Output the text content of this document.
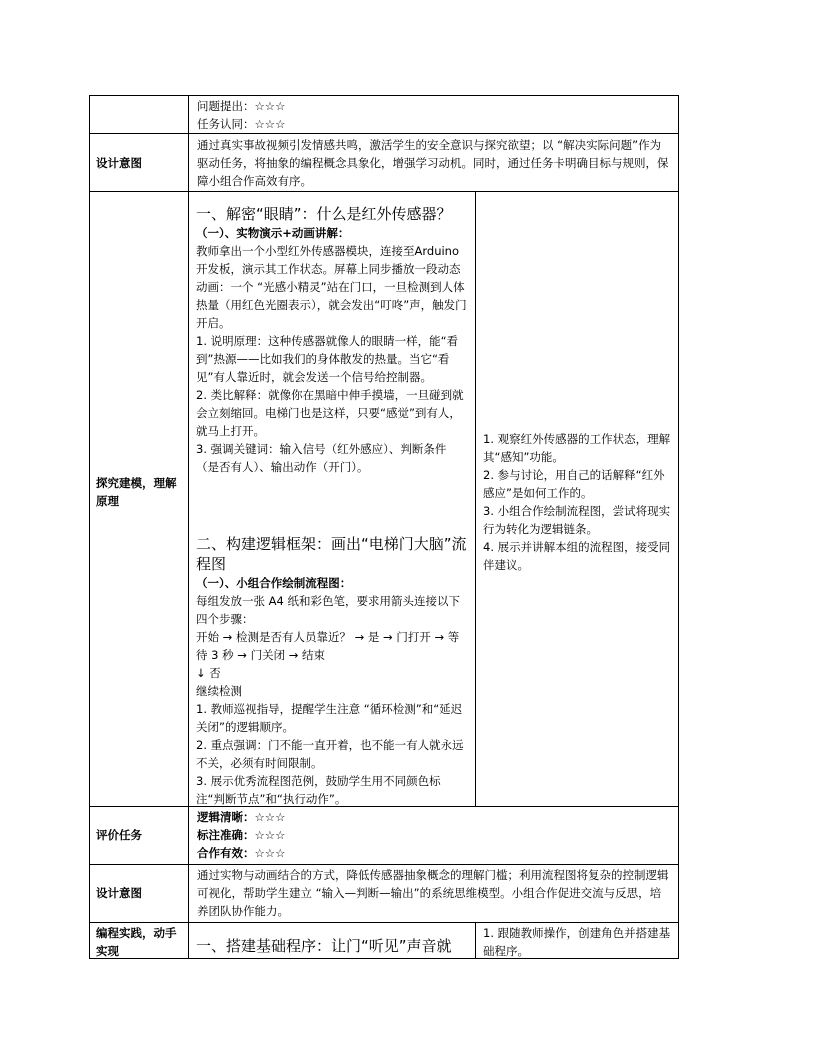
问题提出：☆☆☆
任务认同：☆☆☆
设计意图
通过真实事故视频引发情感共鸣，激活学生的安全意识与探究欲望；以 “解决实际问题”作为驱动任务，将抽象的编程概念具象化，增强学习动机。同时，通过任务卡明确目标与规则，保障小组合作高效有序。
探究建模，理解原理
一、解密“眼睛”：什么是红外传感器？
（一）、实物演示+动画讲解：
教师拿出一个小型红外传感器模块，连接至Arduino开发板，演示其工作状态。屏幕上同步播放一段动态动画：一个 “光感小精灵”站在门口，一旦检测到人体热量（用红色光圈表示），就会发出“叮咚”声，触发门开启。
1. 说明原理：这种传感器就像人的眼睛一样，能“看到”热源——比如我们的身体散发的热量。当它“看见”有人靠近时，就会发送一个信号给控制器。
2. 类比解释：就像你在黑暗中伸手摸墙，一旦碰到就会立刻缩回。电梯门也是这样，只要“感觉”到有人，就马上打开。
3. 强调关键词：输入信号（红外感应）、判断条件（是否有人）、输出动作（开门）。
二、构建逻辑框架：画出“电梯门大脑”流程图
（一）、小组合作绘制流程图：
每组发放一张 A4 纸和彩色笔，要求用箭头连接以下四个步骤：
开始 → 检测是否有人员靠近？ → 是 → 门打开 → 等待 3 秒 → 门关闭 → 结束
↓ 否
继续检测
1. 教师巡视指导，提醒学生注意 “循环检测”和“延迟关闭”的逻辑顺序。
2. 重点强调：门不能一直开着，也不能一有人就永远不关，必须有时间限制。
3. 展示优秀流程图范例，鼓励学生用不同颜色标注“判断节点”和“执行动作”。
1. 观察红外传感器的工作状态，理解其“感知”功能。
2. 参与讨论，用自己的话解释“红外感应”是如何工作的。
3. 小组合作绘制流程图，尝试将现实行为转化为逻辑链条。
4. 展示并讲解本组的流程图，接受同伴建议。
评价任务
逻辑清晰：☆☆☆
标注准确：☆☆☆
合作有效：☆☆☆
设计意图
通过实物与动画结合的方式，降低传感器抽象概念的理解门槛；利用流程图将复杂的控制逻辑可视化，帮助学生建立 “输入—判断—输出”的系统思维模型。小组合作促进交流与反思，培养团队协作能力。
编程实践，动手实现	一、搭建基础程序：让门“听见”声音就
1. 跟随教师操作，创建角色并搭建基础程序。
